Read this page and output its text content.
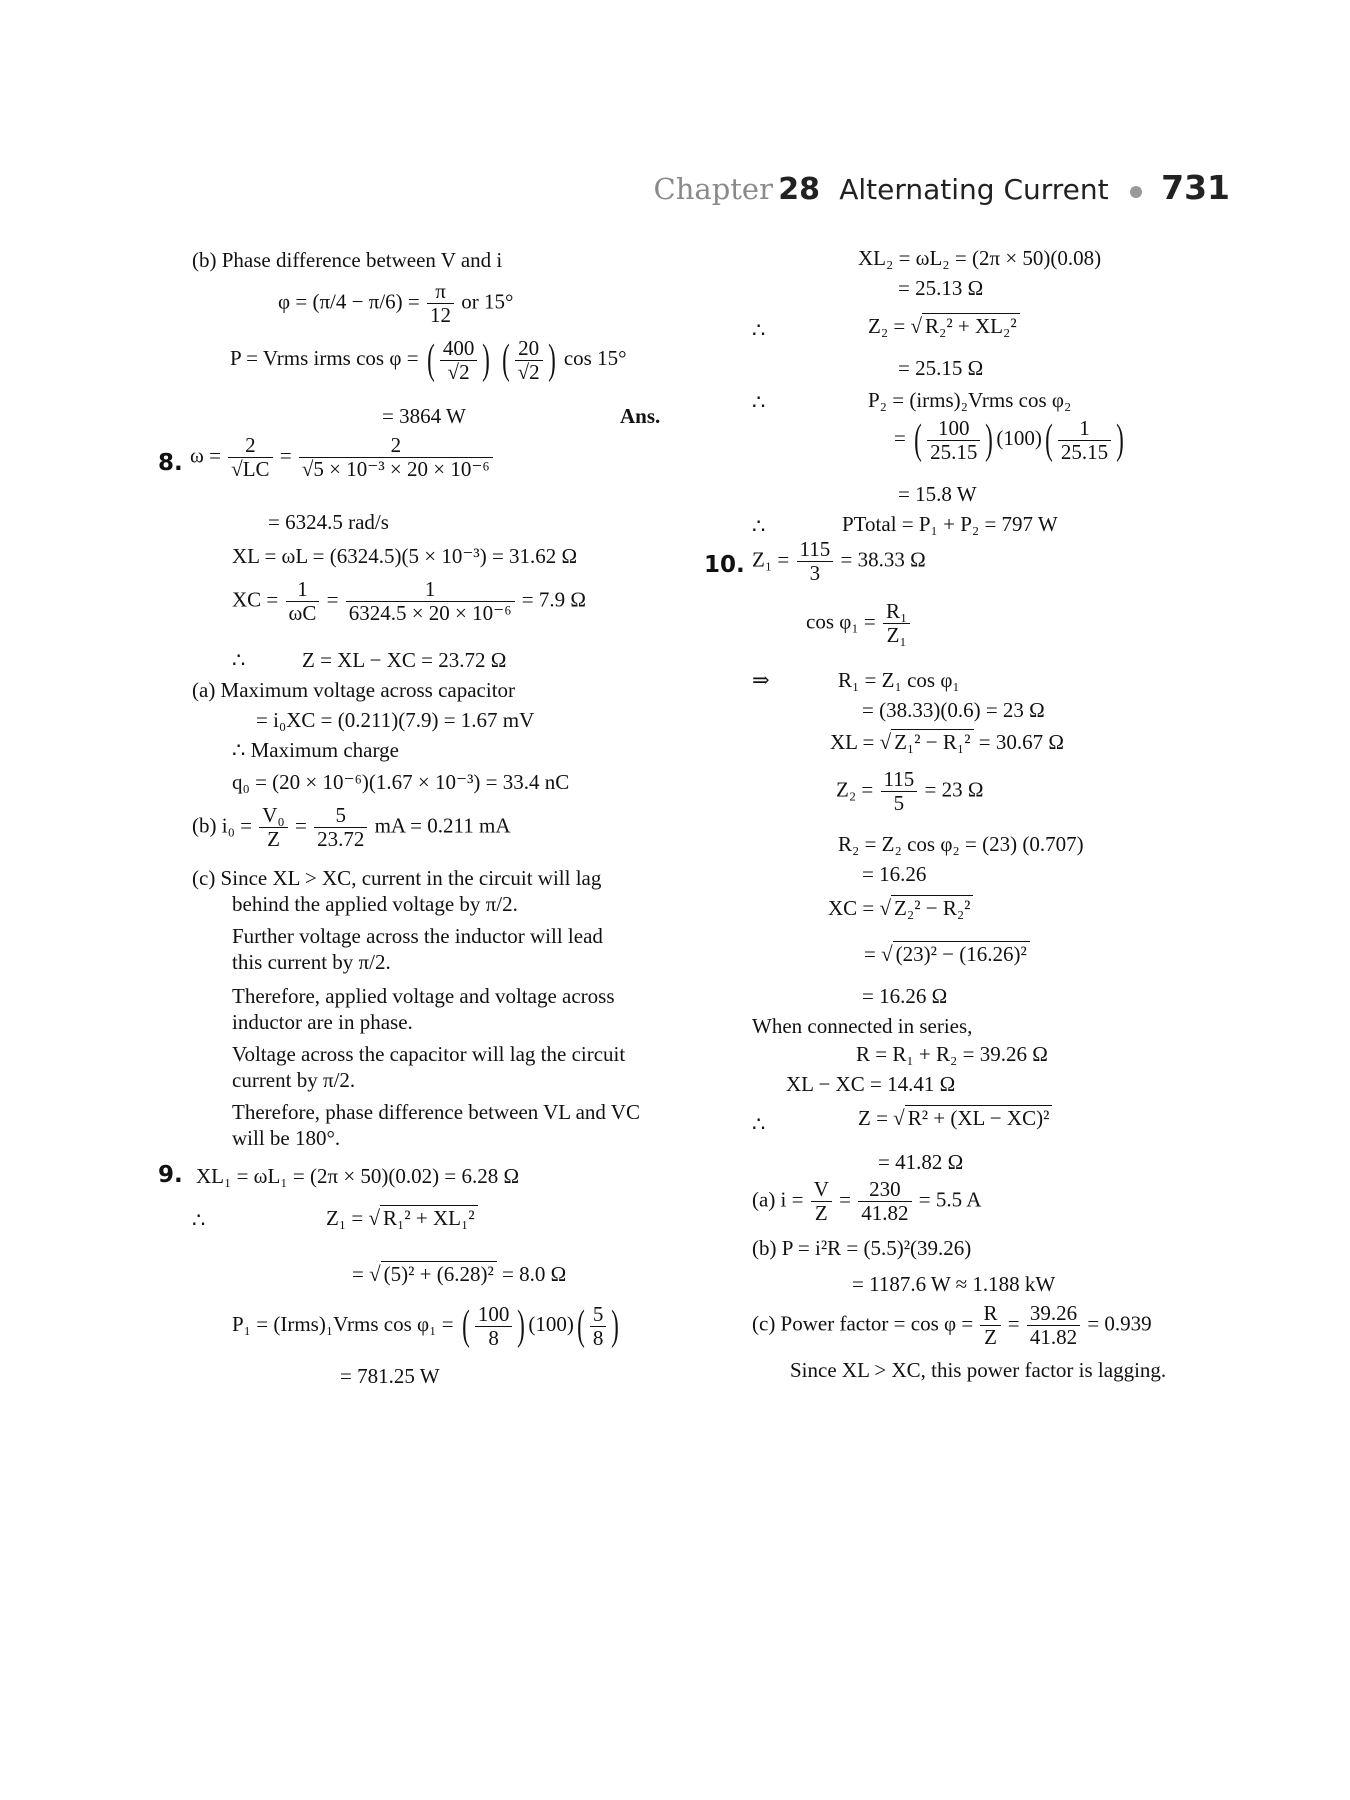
Chapter 28 Alternating Current 731
(b) Phase difference between V and i
$\varphi = (\pi/4 - \pi/6) = \frac{\pi}{12}$ or 15°
P = Vrms irms cos φ = ( $\frac{400}{√2}$ ) ( $\frac{20}{√2}$ ) cos 15°
= 3864 W	Ans.
8. $\omega = \frac{2}{√LC} = \frac{2}{\text{√5 × 10⁻³ × 20 × 10⁻⁶}}$
= 6324.5 rad/s
XL = ωL = (6324.5)(5 × 10⁻³) = 31.62 Ω
XC = $\frac{1}{\omega C} = \frac{1}{\text{6324.5 × 20 × 10⁻⁶}} = 7.9$ Ω
∴	Z = XL − XC = 23.72 Ω
(a) Maximum voltage across capacitor
= i₀XC = (0.211)(7.9) = 1.67 mV
∴ Maximum charge
q₀ = (20 × 10⁻⁶)(1.67 × 10⁻³) = 33.4 nC
(b) $i_0 = \frac{\text{V₀}}{Z} = \frac{5}{23.72}$ mA = 0.211 mA
(c) Since XL > XC, current in the circuit will lag
behind the applied voltage by π/2.
Further voltage across the inductor will lead
this current by π/2.
Therefore, applied voltage and voltage across
inductor are in phase.
Voltage across the capacitor will lag the circuit
current by π/2.
Therefore, phase difference between VL and VC
will be 180°.
9. XL₁ = ωL₁ = (2π × 50)(0.02) = 6.28 Ω
∴	Z₁ = √ R₁² + XL₁²
= √ (5)² + (6.28)² = 8.0 Ω
P₁ = (Irms)₁Vrms cos φ₁ = ( $\frac{100}{8}$ ) $(100)( \frac{5}{8}$ )
= 781.25 W
XL₂ = ωL₂ = (2π × 50)(0.08)
= 25.13 Ω
∴	Z₂ = √ R₂² + XL₂²
= 25.15 Ω
∴	P₂ = (irms)₂Vrms cos φ₂
= ( $\frac{100}{25.15}$ ) $(100)( \frac{1}{25.15}$ )
= 15.8 W
∴	PTotal = P₁ + P₂ = 797 W
10. $Z_1 = \frac{115}{3} = 38.33$ Ω
$\cos \varphi_1 = \frac{\text{R₁}}{\text{Z₁}}$
⇒	R₁ = Z₁ cos φ₁
= (38.33)(0.6) = 23 Ω
XL = √ Z₁² − R₁² = 30.67 Ω
$Z_2 = \frac{115}{5} = 23$ Ω
R₂ = Z₂ cos φ₂ = (23) (0.707)
= 16.26
XC = √ Z₂² − R₂²
= √ (23)² − (16.26)²
= 16.26 Ω
When connected in series,
R = R₁ + R₂ = 39.26 Ω
XL − XC = 14.41 Ω
∴	Z = √ R² + (XL − XC)²
= 41.82 Ω
(a) $i = \frac{V}{Z} = \frac{230}{41.82} = 5.5$ A
(b) P = i²R = (5.5)²(39.26)
= 1187.6 W ≈ 1.188 kW
(c) Power factor = $\cos \varphi = \frac{R}{Z} = \frac{39.26}{41.82} = 0.939$
Since XL > XC, this power factor is lagging.
